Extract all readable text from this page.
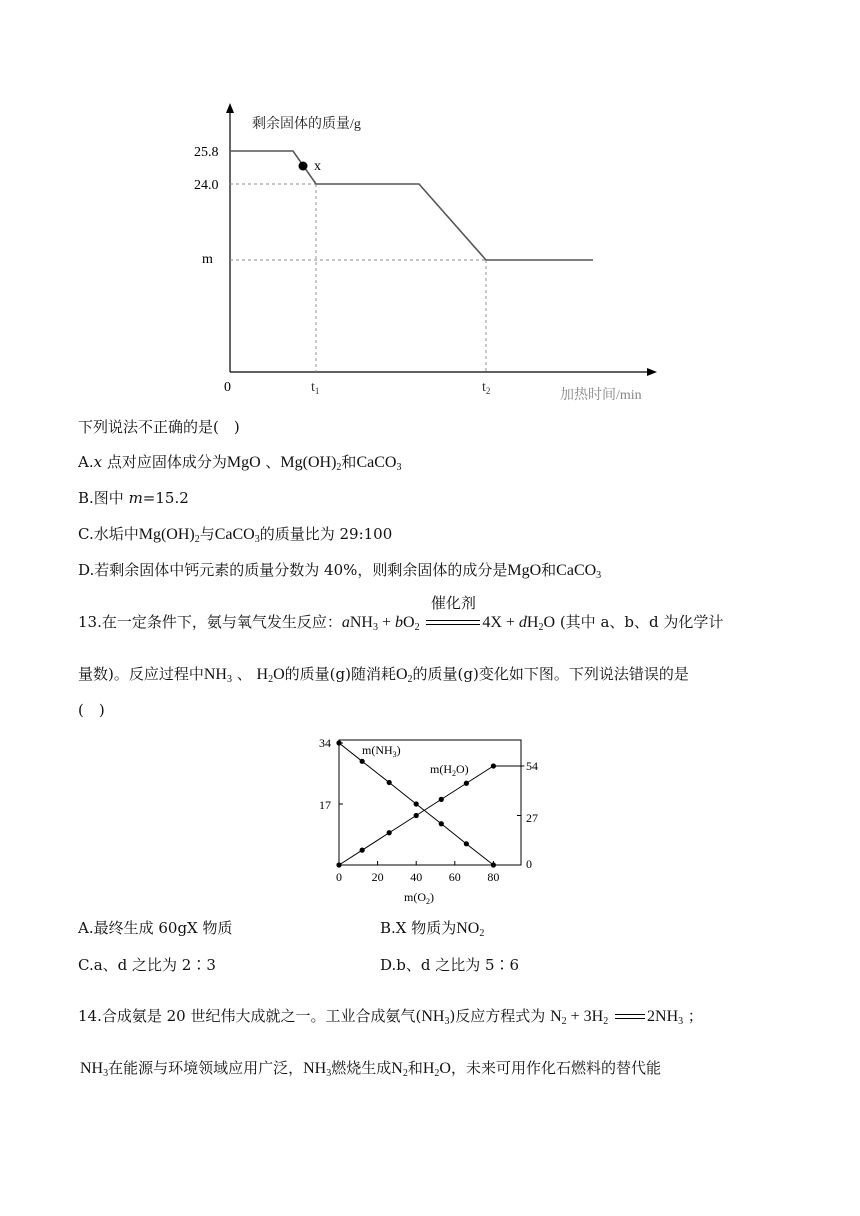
剩余固体的质量/g
加热时间/min
0
25.8
24.0
m
$t_1$	$t_2$
x
下列说法不正确的是(　)
A.x 点对应固体成分为MgO 、$Mg(OH)_2$和CaCO$_3$
B.图中 m=15.2
C.水垢中$Mg(OH)_2$与CaCO$_3$的质量比为 29:100
D.若剩余固体中钙元素的质量分数为 40%，则剩余固体的成分是MgO和CaCO$_3$
13.在一定条件下，氨与氧气发生反应：$aNH_3 + bO_2$
催化剂
$4X + dH_2O$ (其中 a、b、d 为化学计
量数)。反应过程中$NH_3$ 、 $H_2O$的质量(g)随消耗$O_2$的质量(g)变化如下图。下列说法错误的是
(　)
34
17
54
27
0
0 20 40 60 80
$m(NH_3)$
$m(H_2O)$
$m(O_2)$
A.最终生成 60gX 物质	B.X 物质为$NO_2$
C.a、d 之比为 2∶3	D.b、d 之比为 5∶6
14.合成氨是 20 世纪伟大成就之一。工业合成氨气$(NH_3)$反应方程式为 $N_2 + 3H_2$ $2NH_3$ ；
$NH_3$在能源与环境领域应用广泛，$NH_3$燃烧生成$N_2$和$H_2O$，未来可用作化石燃料的替代能
